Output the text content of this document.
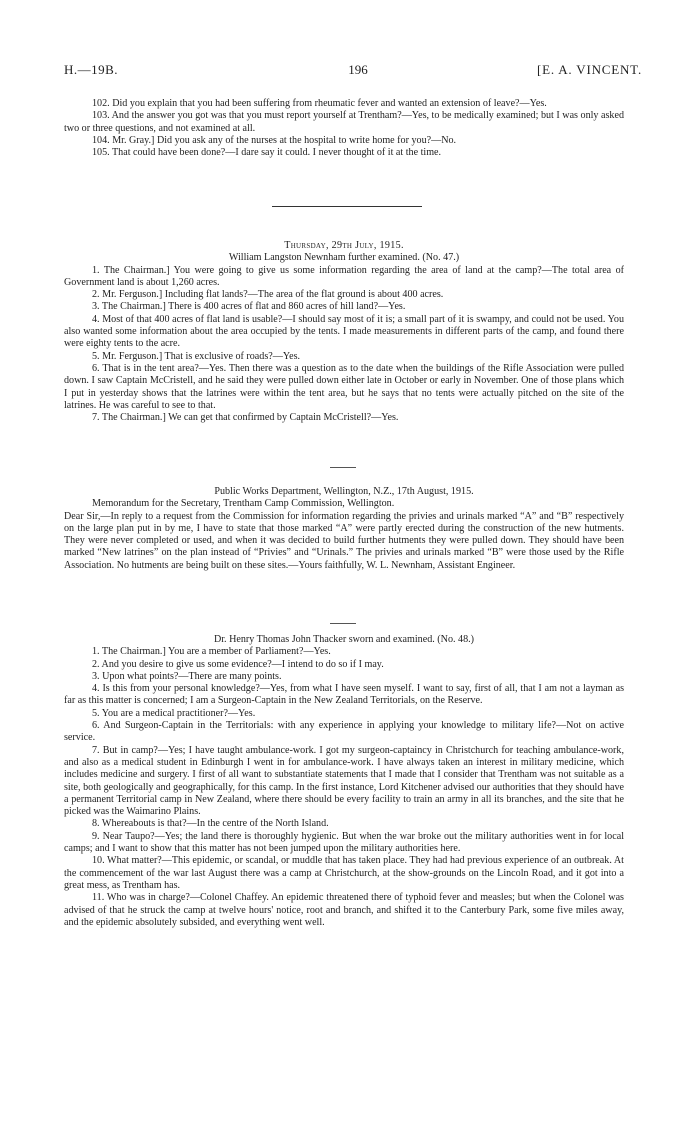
H.—19B.	196	[E. A. VINCENT.

102. Did you explain that you had been suffering from rheumatic fever and wanted an extension of leave?—Yes.

103. And the answer you got was that you must report yourself at Trentham?—Yes, to be medically examined; but I was only asked two or three questions, and not examined at all.

104. Mr. Gray.] Did you ask any of the nurses at the hospital to write home for you?—No.

105. That could have been done?—I dare say it could. I never thought of it at the time.

Thursday, 29th July, 1915.

William Langston Newnham further examined. (No. 47.)

1. The Chairman.] You were going to give us some information regarding the area of land at the camp?—The total area of Government land is about 1,260 acres.

2. Mr. Ferguson.] Including flat lands?—The area of the flat ground is about 400 acres.

3. The Chairman.] There is 400 acres of flat and 860 acres of hill land?—Yes.

4. Most of that 400 acres of flat land is usable?—I should say most of it is; a small part of it is swampy, and could not be used. You also wanted some information about the area occupied by the tents. I made measurements in different parts of the camp, and found there were eighty tents to the acre.

5. Mr. Ferguson.] That is exclusive of roads?—Yes.

6. That is in the tent area?—Yes. Then there was a question as to the date when the buildings of the Rifle Association were pulled down. I saw Captain McCristell, and he said they were pulled down either late in October or early in November. One of those plans which I put in yesterday shows that the latrines were within the tent area, but he says that no tents were actually pitched on the site of the latrines. He was careful to see to that.

7. The Chairman.] We can get that confirmed by Captain McCristell?—Yes.

Public Works Department, Wellington, N.Z., 17th August, 1915.

Memorandum for the Secretary, Trentham Camp Commission, Wellington.

Dear Sir,—In reply to a request from the Commission for information regarding the privies and urinals marked “A” and “B” respectively on the large plan put in by me, I have to state that those marked “A” were partly erected during the construction of the new hutments. They were never completed or used, and when it was decided to build further hutments they were pulled down. They should have been marked “New latrines” on the plan instead of “Privies” and “Urinals.” The privies and urinals marked “B” were those used by the Rifle Association. No hutments are being built on these sites.—Yours faithfully, W. L. Newnham, Assistant Engineer.

Dr. Henry Thomas John Thacker sworn and examined. (No. 48.)

1. The Chairman.] You are a member of Parliament?—Yes.

2. And you desire to give us some evidence?—I intend to do so if I may.

3. Upon what points?—There are many points.

4. Is this from your personal knowledge?—Yes, from what I have seen myself. I want to say, first of all, that I am not a layman as far as this matter is concerned; I am a Surgeon-Captain in the New Zealand Territorials, on the Reserve.

5. You are a medical practitioner?—Yes.

6. And Surgeon-Captain in the Territorials: with any experience in applying your knowledge to military life?—Not on active service.

7. But in camp?—Yes; I have taught ambulance-work. I got my surgeon-captaincy in Christchurch for teaching ambulance-work, and also as a medical student in Edinburgh I went in for ambulance-work. I have always taken an interest in military medicine, which includes medicine and surgery. I first of all want to substantiate statements that I made that I consider that Trentham was not suitable as a site, both geologically and geographically, for this camp. In the first instance, Lord Kitchener advised our authorities that they should have a permanent Territorial camp in New Zealand, where there should be every facility to train an army in all its branches, and the site that he picked was the Waimarino Plains.

8. Whereabouts is that?—In the centre of the North Island.

9. Near Taupo?—Yes; the land there is thoroughly hygienic. But when the war broke out the military authorities went in for local camps; and I want to show that this matter has not been jumped upon the military authorities here.

10. What matter?—This epidemic, or scandal, or muddle that has taken place. They had had previous experience of an outbreak. At the commencement of the war last August there was a camp at Christchurch, at the show-grounds on the Lincoln Road, and it got into a great mess, as Trentham has.

11. Who was in charge?—Colonel Chaffey. An epidemic threatened there of typhoid fever and measles; but when the Colonel was advised of that he struck the camp at twelve hours' notice, root and branch, and shifted it to the Canterbury Park, some five miles away, and the epidemic absolutely subsided, and everything went well.
